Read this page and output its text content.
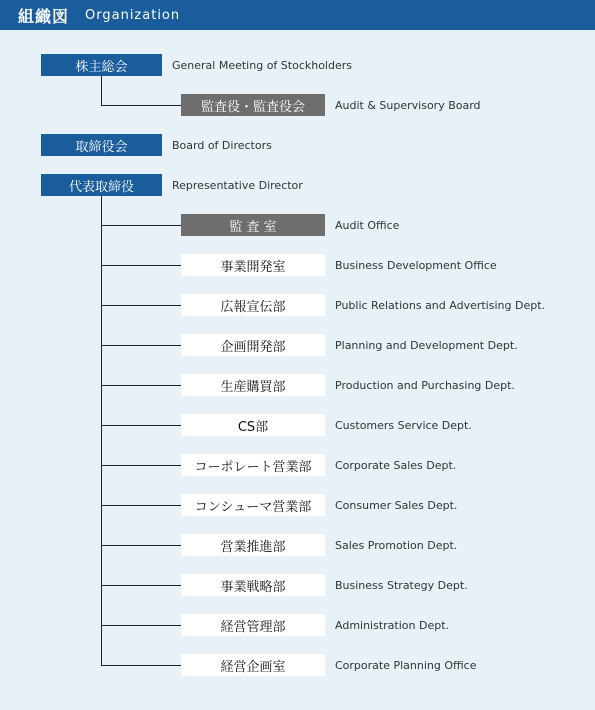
組織図 Organization
株主総会	General Meeting of Stockholders
監査役・監査役会	Audit & Supervisory Board
取締役会	Board of Directors
代表取締役	Representative Director
監 査 室	Audit Office
事業開発室	Business Development Office
広報宣伝部	Public Relations and Advertising Dept.
企画開発部	Planning and Development Dept.
生産購買部	Production and Purchasing Dept.
CS部	Customers Service Dept.
コーポレート営業部	Corporate Sales Dept.
コンシューマ営業部	Consumer Sales Dept.
営業推進部	Sales Promotion Dept.
事業戦略部	Business Strategy Dept.
経営管理部	Administration Dept.
経営企画室	Corporate Planning Office
